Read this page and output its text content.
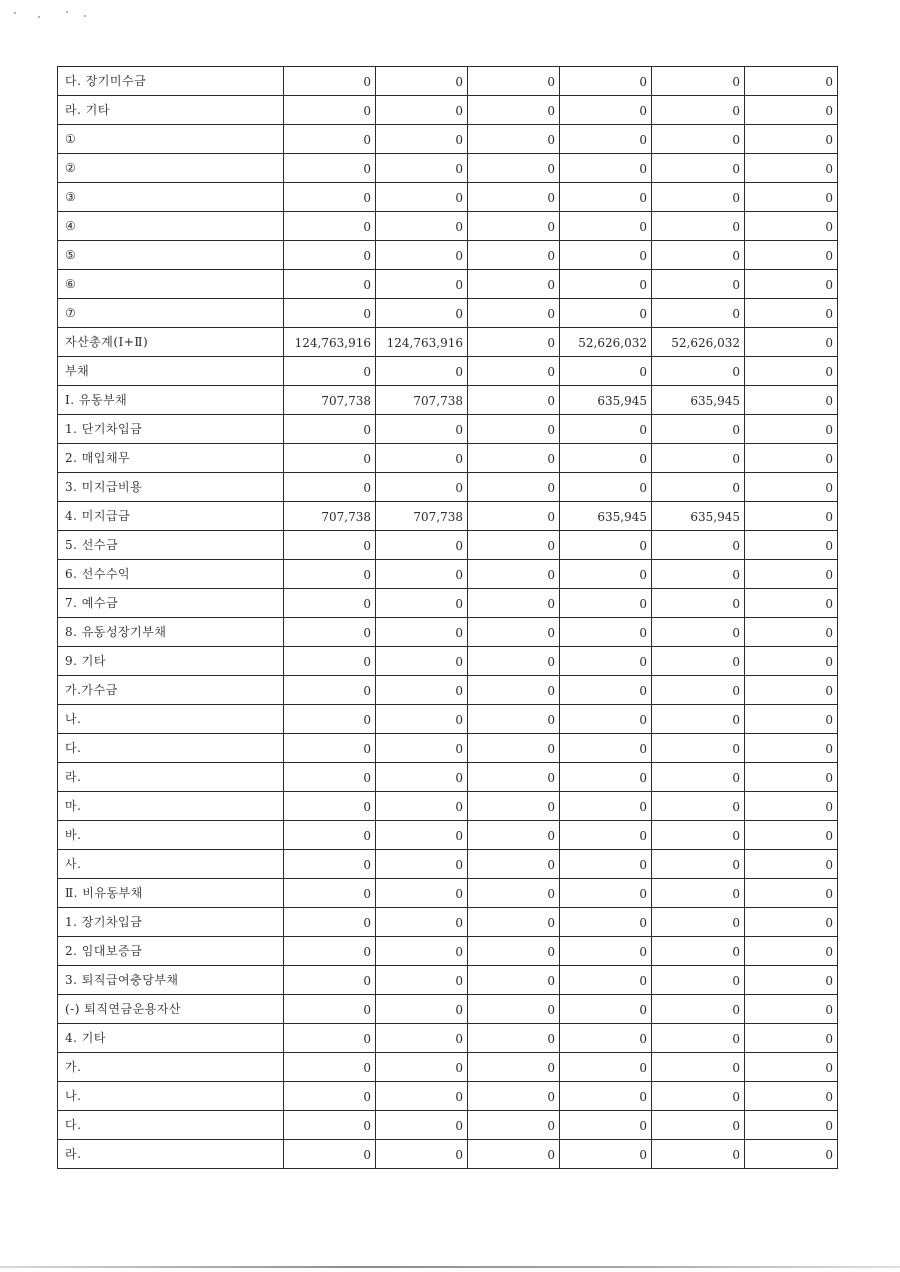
다. 장기미수금	0	0	0	0	0	0
라. 기타	0	0	0	0	0	0
①	0	0	0	0	0	0
②	0	0	0	0	0	0
③	0	0	0	0	0	0
④	0	0	0	0	0	0
⑤	0	0	0	0	0	0
⑥	0	0	0	0	0	0
⑦	0	0	0	0	0	0
자산총계(Ⅰ+Ⅱ)	124,763,916	124,763,916	0	52,626,032	52,626,032	0
부채	0	0	0	0	0	0
Ⅰ. 유동부채	707,738	707,738	0	635,945	635,945	0
1. 단기차입금	0	0	0	0	0	0
2. 매입채무	0	0	0	0	0	0
3. 미지급비용	0	0	0	0	0	0
4. 미지급금	707,738	707,738	0	635,945	635,945	0
5. 선수금	0	0	0	0	0	0
6. 선수수익	0	0	0	0	0	0
7. 예수금	0	0	0	0	0	0
8. 유동성장기부채	0	0	0	0	0	0
9. 기타	0	0	0	0	0	0
가.가수금	0	0	0	0	0	0
나.	0	0	0	0	0	0
다.	0	0	0	0	0	0
라.	0	0	0	0	0	0
마.	0	0	0	0	0	0
바.	0	0	0	0	0	0
사.	0	0	0	0	0	0
Ⅱ. 비유동부채	0	0	0	0	0	0
1. 장기차입금	0	0	0	0	0	0
2. 임대보증금	0	0	0	0	0	0
3. 퇴직급여충당부채	0	0	0	0	0	0
(-) 퇴직연금운용자산	0	0	0	0	0	0
4. 기타	0	0	0	0	0	0
가.	0	0	0	0	0	0
나.	0	0	0	0	0	0
다.	0	0	0	0	0	0
라.	0	0	0	0	0	0
